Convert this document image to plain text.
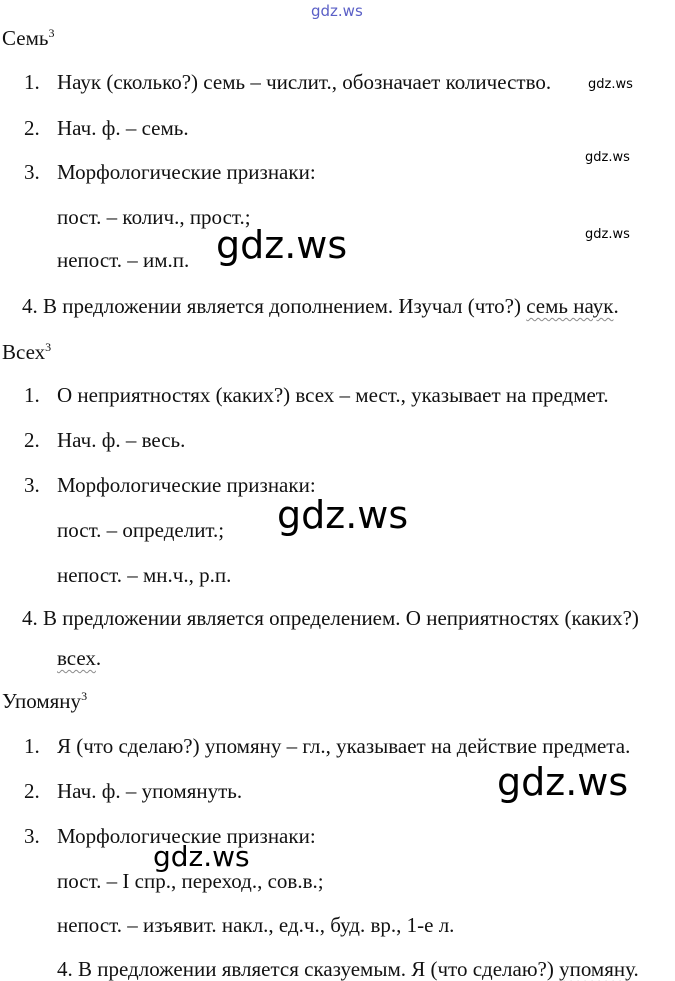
gdz.ws
Семь$^3$
1. Наук (сколько?) семь – числит., обозначает количество.	gdz.ws
2. Нач. ф. – семь.
gdz.ws
3. Морфологические признаки:
пост. – колич., прост.;
gdz.ws
gdz.ws
непост. – им.п.
4. В предложении является дополнением. Изучал (что?) семь наук.
Всех$^3$
1. О неприятностях (каких?) всех – мест., указывает на предмет.
2. Нач. ф. – весь.
3. Морфологические признаки:
gdz.ws
пост. – определит.;
непост. – мн.ч., р.п.
4. В предложении является определением. О неприятностях (каких?)
всех.
Упомяну$^3$
1. Я (что сделаю?) упомяну – гл., указывает на действие предмета.
gdz.ws
2. Нач. ф. – упомянуть.
3. Морфологические признаки:
gdz.ws
пост. – I спр., переход., сов.в.;
непост. – изъявит. накл., ед.ч., буд. вр., 1-е л.
4. В предложении является сказуемым. Я (что сделаю?) упомяну.
